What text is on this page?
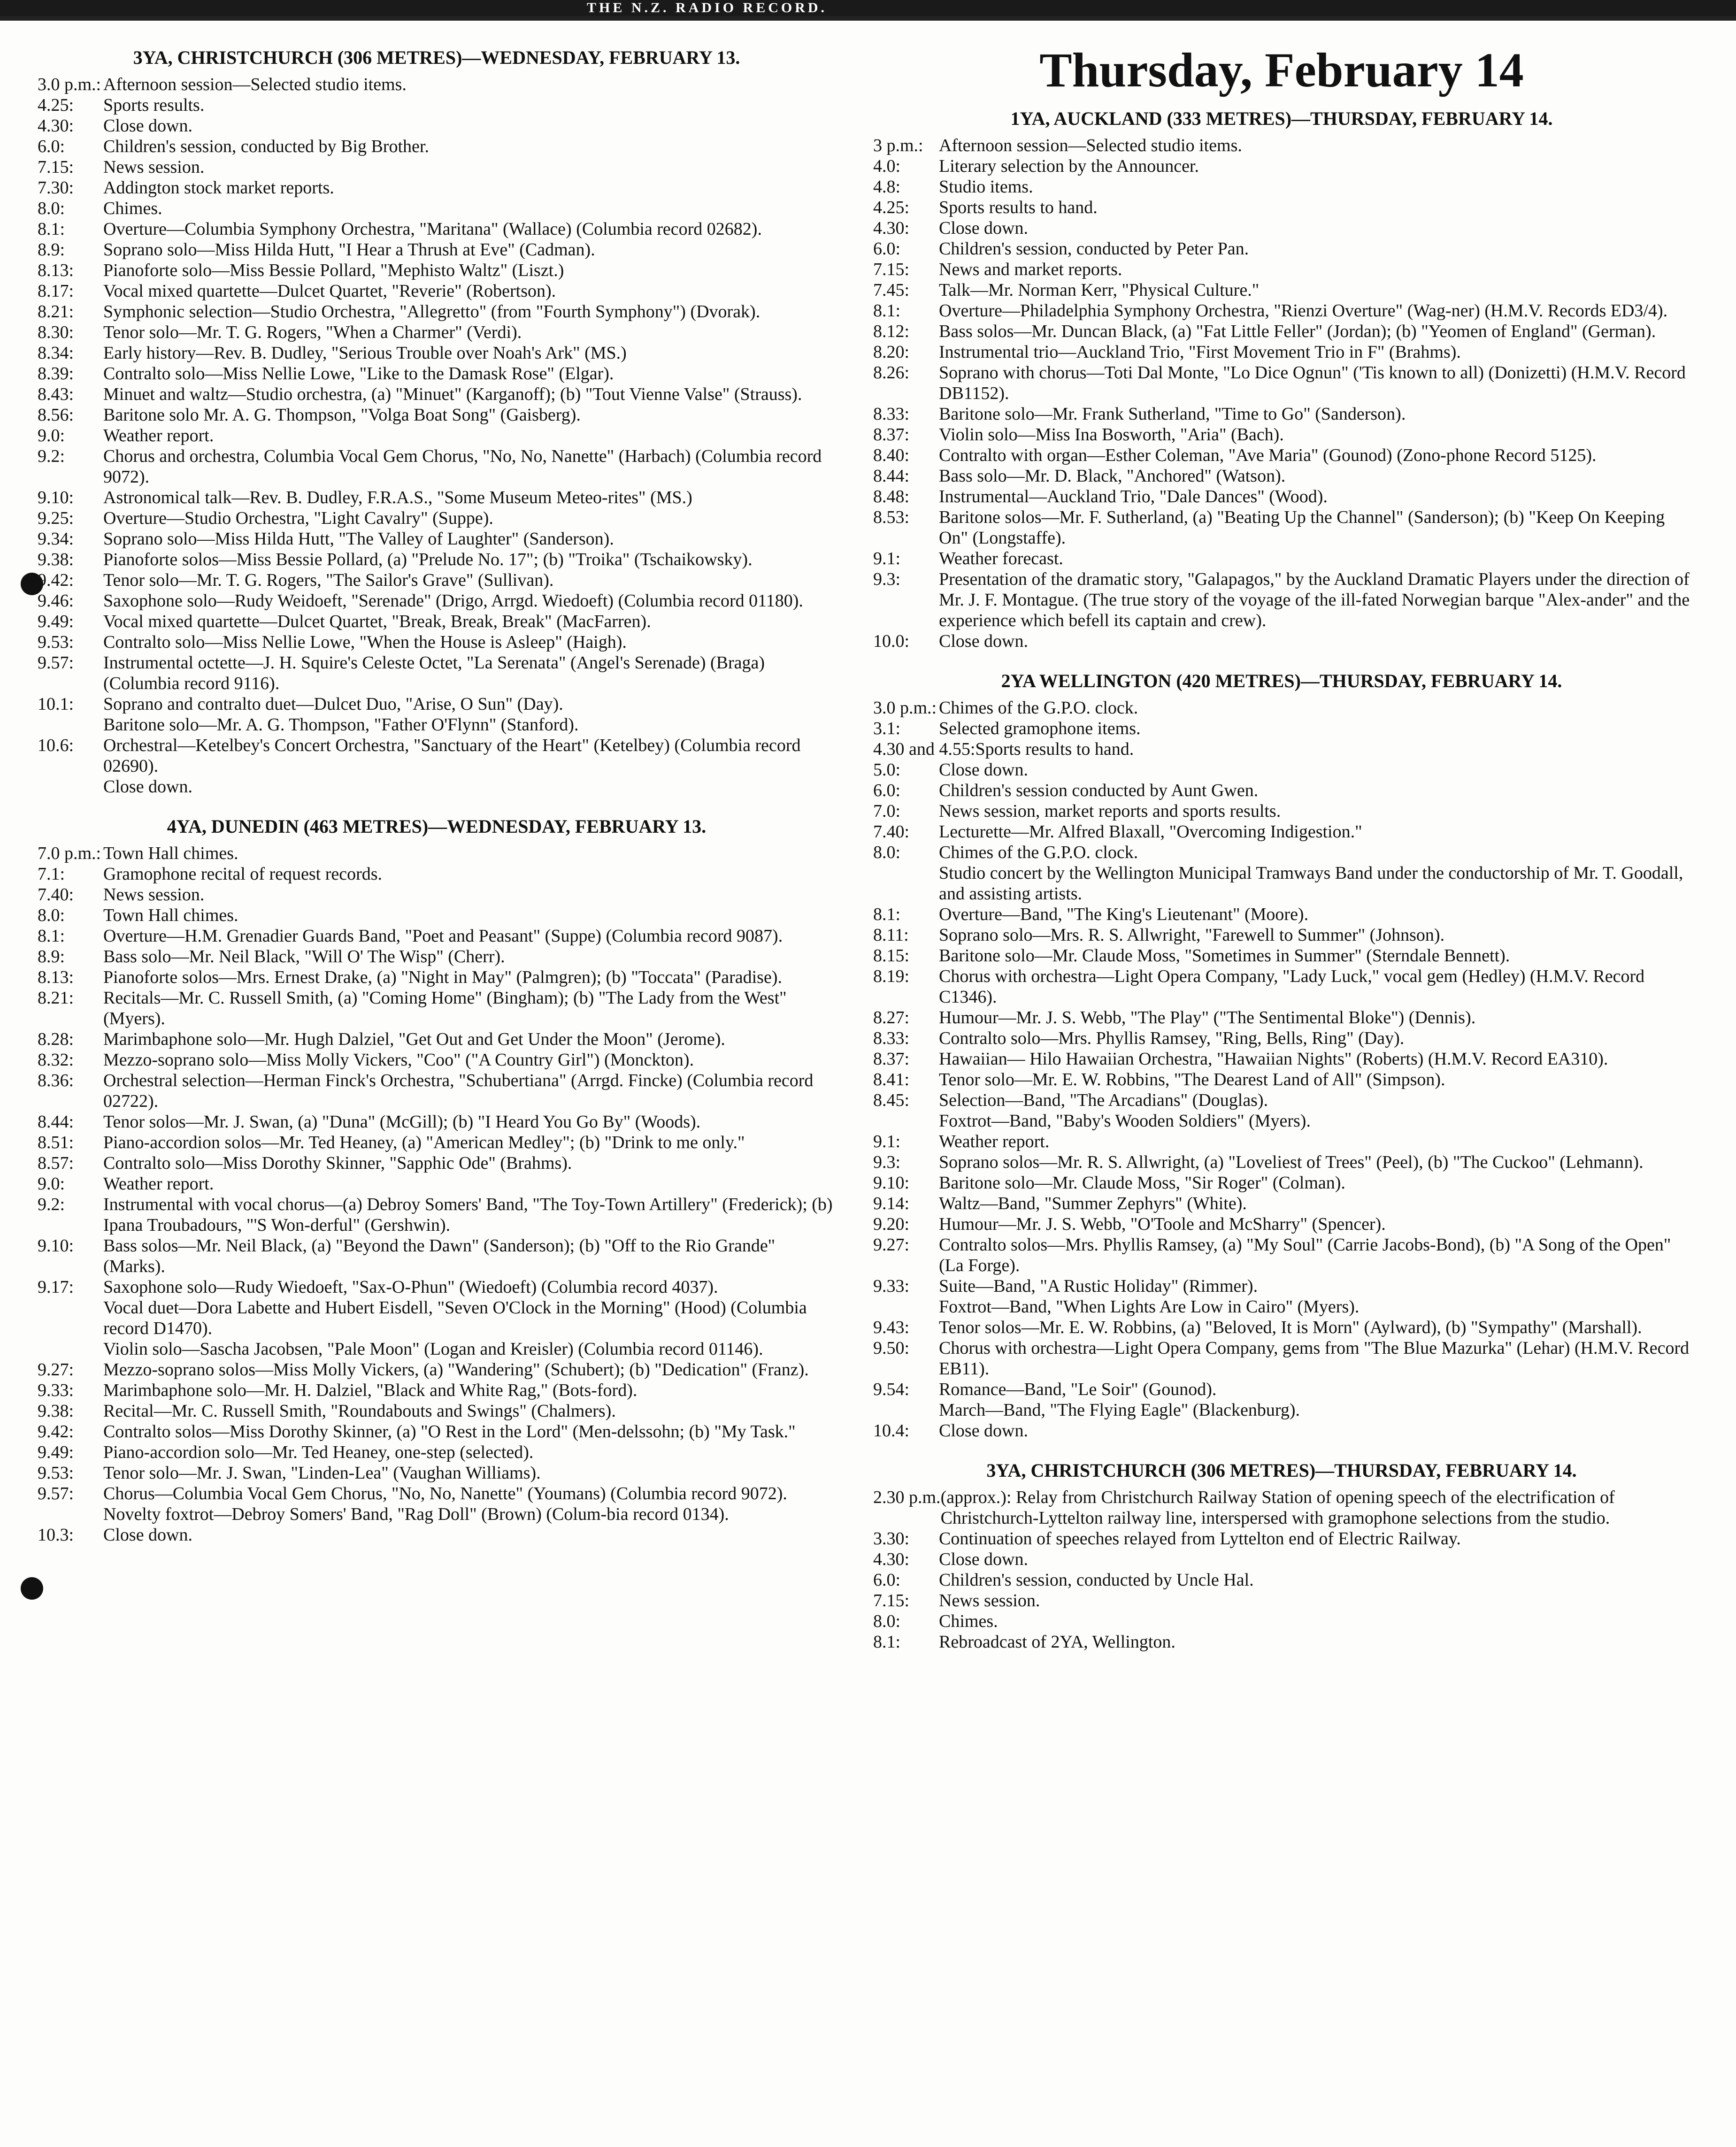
THE N.Z. RADIO RECORD.
3YA, CHRISTCHURCH (306 METRES)—WEDNESDAY, FEBRUARY 13.
3.0 p.m.: Afternoon session—Selected studio items.
4.25:	Sports results.
4.30:	Close down.
6.0:	Children's session, conducted by Big Brother.
7.15:	News session.
7.30:	Addington stock market reports.
8.0:	Chimes.
8.1:	Overture—Columbia Symphony Orchestra, "Maritana" (Wallace) (Columbia record 02682).
8.9:	Soprano solo—Miss Hilda Hutt, "I Hear a Thrush at Eve" (Cadman).
8.13:	Pianoforte solo—Miss Bessie Pollard, "Mephisto Waltz" (Liszt.)
8.17:	Vocal mixed quartette—Dulcet Quartet, "Reverie" (Robertson).
8.21:	Symphonic selection—Studio Orchestra, "Allegretto" (from "Fourth Symphony") (Dvorak).
8.30:	Tenor solo—Mr. T. G. Rogers, "When a Charmer" (Verdi).
8.34:	Early history—Rev. B. Dudley, "Serious Trouble over Noah's Ark" (MS.)
8.39:	Contralto solo—Miss Nellie Lowe, "Like to the Damask Rose" (Elgar).
8.43:	Minuet and waltz—Studio orchestra, (a) "Minuet" (Karganoff); (b) "Tout Vienne Valse" (Strauss).
8.56:	Baritone solo Mr. A. G. Thompson, "Volga Boat Song" (Gaisberg).
9.0:	Weather report.
9.2:	Chorus and orchestra, Columbia Vocal Gem Chorus, "No, No, Nanette" (Harbach) (Columbia record 9072).
9.10:	Astronomical talk—Rev. B. Dudley, F.R.A.S., "Some Museum Meteo-rites" (MS.)
9.25:	Overture—Studio Orchestra, "Light Cavalry" (Suppe).
9.34:	Soprano solo—Miss Hilda Hutt, "The Valley of Laughter" (Sanderson).
9.38:	Pianoforte solos—Miss Bessie Pollard, (a) "Prelude No. 17"; (b) "Troika" (Tschaikowsky).
9.42:	Tenor solo—Mr. T. G. Rogers, "The Sailor's Grave" (Sullivan).
9.46:	Saxophone solo—Rudy Weidoeft, "Serenade" (Drigo, Arrgd. Wiedoeft) (Columbia record 01180).
9.49:	Vocal mixed quartette—Dulcet Quartet, "Break, Break, Break" (MacFarren).
9.53:	Contralto solo—Miss Nellie Lowe, "When the House is Asleep" (Haigh).
9.57:	Instrumental octette—J. H. Squire's Celeste Octet, "La Serenata" (Angel's Serenade) (Braga) (Columbia record 9116).
10.1:	Soprano and contralto duet—Dulcet Duo, "Arise, O Sun" (Day).
Baritone solo—Mr. A. G. Thompson, "Father O'Flynn" (Stanford).
10.6:	Orchestral—Ketelbey's Concert Orchestra, "Sanctuary of the Heart" (Ketelbey) (Columbia record 02690).
Close down.
4YA, DUNEDIN (463 METRES)—WEDNESDAY, FEBRUARY 13.
7.0 p.m.: Town Hall chimes.
7.1:	Gramophone recital of request records.
7.40:	News session.
8.0:	Town Hall chimes.
8.1:	Overture—H.M. Grenadier Guards Band, "Poet and Peasant" (Suppe) (Columbia record 9087).
8.9:	Bass solo—Mr. Neil Black, "Will O' The Wisp" (Cherr).
8.13:	Pianoforte solos—Mrs. Ernest Drake, (a) "Night in May" (Palmgren); (b) "Toccata" (Paradise).
8.21:	Recitals—Mr. C. Russell Smith, (a) "Coming Home" (Bingham); (b) "The Lady from the West" (Myers).
8.28:	Marimbaphone solo—Mr. Hugh Dalziel, "Get Out and Get Under the Moon" (Jerome).
8.32:	Mezzo-soprano solo—Miss Molly Vickers, "Coo" ("A Country Girl") (Monckton).
8.36:	Orchestral selection—Herman Finck's Orchestra, "Schubertiana" (Arrgd. Fincke) (Columbia record 02722).
8.44:	Tenor solos—Mr. J. Swan, (a) "Duna" (McGill); (b) "I Heard You Go By" (Woods).
8.51:	Piano-accordion solos—Mr. Ted Heaney, (a) "American Medley"; (b) "Drink to me only."
8.57:	Contralto solo—Miss Dorothy Skinner, "Sapphic Ode" (Brahms).
9.0:	Weather report.
9.2:	Instrumental with vocal chorus—(a) Debroy Somers' Band, "The Toy-Town Artillery" (Frederick); (b) Ipana Troubadours, "'S Won-derful" (Gershwin).
9.10:	Bass solos—Mr. Neil Black, (a) "Beyond the Dawn" (Sanderson); (b) "Off to the Rio Grande" (Marks).
9.17:	Saxophone solo—Rudy Wiedoeft, "Sax-O-Phun" (Wiedoeft) (Columbia record 4037).
Vocal duet—Dora Labette and Hubert Eisdell, "Seven O'Clock in the Morning" (Hood) (Columbia record D1470).
Violin solo—Sascha Jacobsen, "Pale Moon" (Logan and Kreisler) (Columbia record 01146).
9.27:	Mezzo-soprano solos—Miss Molly Vickers, (a) "Wandering" (Schubert); (b) "Dedication" (Franz).
9.33:	Marimbaphone solo—Mr. H. Dalziel, "Black and White Rag," (Bots-ford).
9.38:	Recital—Mr. C. Russell Smith, "Roundabouts and Swings" (Chalmers).
9.42:	Contralto solos—Miss Dorothy Skinner, (a) "O Rest in the Lord" (Men-delssohn; (b) "My Task."
9.49:	Piano-accordion solo—Mr. Ted Heaney, one-step (selected).
9.53:	Tenor solo—Mr. J. Swan, "Linden-Lea" (Vaughan Williams).
9.57:	Chorus—Columbia Vocal Gem Chorus, "No, No, Nanette" (Youmans) (Columbia record 9072).
Novelty foxtrot—Debroy Somers' Band, "Rag Doll" (Brown) (Colum-bia record 0134).
10.3:	Close down.
Thursday, February 14
1YA, AUCKLAND (333 METRES)—THURSDAY, FEBRUARY 14.
3 p.m.: Afternoon session—Selected studio items.
4.0:	Literary selection by the Announcer.
4.8:	Studio items.
4.25:	Sports results to hand.
4.30:	Close down.
6.0:	Children's session, conducted by Peter Pan.
7.15:	News and market reports.
7.45:	Talk—Mr. Norman Kerr, "Physical Culture."
8.1:	Overture—Philadelphia Symphony Orchestra, "Rienzi Overture" (Wag-ner) (H.M.V. Records ED3/4).
8.12:	Bass solos—Mr. Duncan Black, (a) "Fat Little Feller" (Jordan); (b) "Yeomen of England" (German).
8.20:	Instrumental trio—Auckland Trio, "First Movement Trio in F" (Brahms).
8.26:	Soprano with chorus—Toti Dal Monte, "Lo Dice Ognun" ('Tis known to all) (Donizetti) (H.M.V. Record DB1152).
8.33:	Baritone solo—Mr. Frank Sutherland, "Time to Go" (Sanderson).
8.37:	Violin solo—Miss Ina Bosworth, "Aria" (Bach).
8.40:	Contralto with organ—Esther Coleman, "Ave Maria" (Gounod) (Zono-phone Record 5125).
8.44:	Bass solo—Mr. D. Black, "Anchored" (Watson).
8.48:	Instrumental—Auckland Trio, "Dale Dances" (Wood).
8.53:	Baritone solos—Mr. F. Sutherland, (a) "Beating Up the Channel" (Sanderson); (b) "Keep On Keeping On" (Longstaffe).
9.1:	Weather forecast.
9.3:	Presentation of the dramatic story, "Galapagos," by the Auckland Dramatic Players under the direction of Mr. J. F. Montague. (The true story of the voyage of the ill-fated Norwegian barque "Alex-ander" and the experience which befell its captain and crew).
10.0:	Close down.
2YA WELLINGTON (420 METRES)—THURSDAY, FEBRUARY 14.
3.0 p.m.: Chimes of the G.P.O. clock.
3.1:	Selected gramophone items.
4.30 and 4.55: Sports results to hand.
5.0:	Close down.
6.0:	Children's session conducted by Aunt Gwen.
7.0:	News session, market reports and sports results.
7.40:	Lecturette—Mr. Alfred Blaxall, "Overcoming Indigestion."
8.0:	Chimes of the G.P.O. clock.
Studio concert by the Wellington Municipal Tramways Band under the conductorship of Mr. T. Goodall, and assisting artists.
8.1:	Overture—Band, "The King's Lieutenant" (Moore).
8.11:	Soprano solo—Mrs. R. S. Allwright, "Farewell to Summer" (Johnson).
8.15:	Baritone solo—Mr. Claude Moss, "Sometimes in Summer" (Sterndale Bennett).
8.19:	Chorus with orchestra—Light Opera Company, "Lady Luck," vocal gem (Hedley) (H.M.V. Record C1346).
8.27:	Humour—Mr. J. S. Webb, "The Play" ("The Sentimental Bloke") (Dennis).
8.33:	Contralto solo—Mrs. Phyllis Ramsey, "Ring, Bells, Ring" (Day).
8.37:	Hawaiian— Hilo Hawaiian Orchestra, "Hawaiian Nights" (Roberts) (H.M.V. Record EA310).
8.41:	Tenor solo—Mr. E. W. Robbins, "The Dearest Land of All" (Simpson).
8.45:	Selection—Band, "The Arcadians" (Douglas).
Foxtrot—Band, "Baby's Wooden Soldiers" (Myers).
9.1:	Weather report.
9.3:	Soprano solos—Mr. R. S. Allwright, (a) "Loveliest of Trees" (Peel), (b) "The Cuckoo" (Lehmann).
9.10:	Baritone solo—Mr. Claude Moss, "Sir Roger" (Colman).
9.14:	Waltz—Band, "Summer Zephyrs" (White).
9.20:	Humour—Mr. J. S. Webb, "O'Toole and McSharry" (Spencer).
9.27:	Contralto solos—Mrs. Phyllis Ramsey, (a) "My Soul" (Carrie Jacobs-Bond), (b) "A Song of the Open" (La Forge).
9.33:	Suite—Band, "A Rustic Holiday" (Rimmer).
Foxtrot—Band, "When Lights Are Low in Cairo" (Myers).
9.43:	Tenor solos—Mr. E. W. Robbins, (a) "Beloved, It is Morn" (Aylward), (b) "Sympathy" (Marshall).
9.50:	Chorus with orchestra—Light Opera Company, gems from "The Blue Mazurka" (Lehar) (H.M.V. Record EB11).
9.54:	Romance—Band, "Le Soir" (Gounod).
March—Band, "The Flying Eagle" (Blackenburg).
10.4:	Close down.
3YA, CHRISTCHURCH (306 METRES)—THURSDAY, FEBRUARY 14.
2.30 p.m. (approx.): Relay from Christchurch Railway Station of opening speech of the electrification of Christchurch-Lyttelton railway line, interspersed with gramophone selections from the studio.
3.30:	Continuation of speeches relayed from Lyttelton end of Electric Railway.
4.30:	Close down.
6.0:	Children's session, conducted by Uncle Hal.
7.15:	News session.
8.0:	Chimes.
8.1:	Rebroadcast of 2YA, Wellington.
